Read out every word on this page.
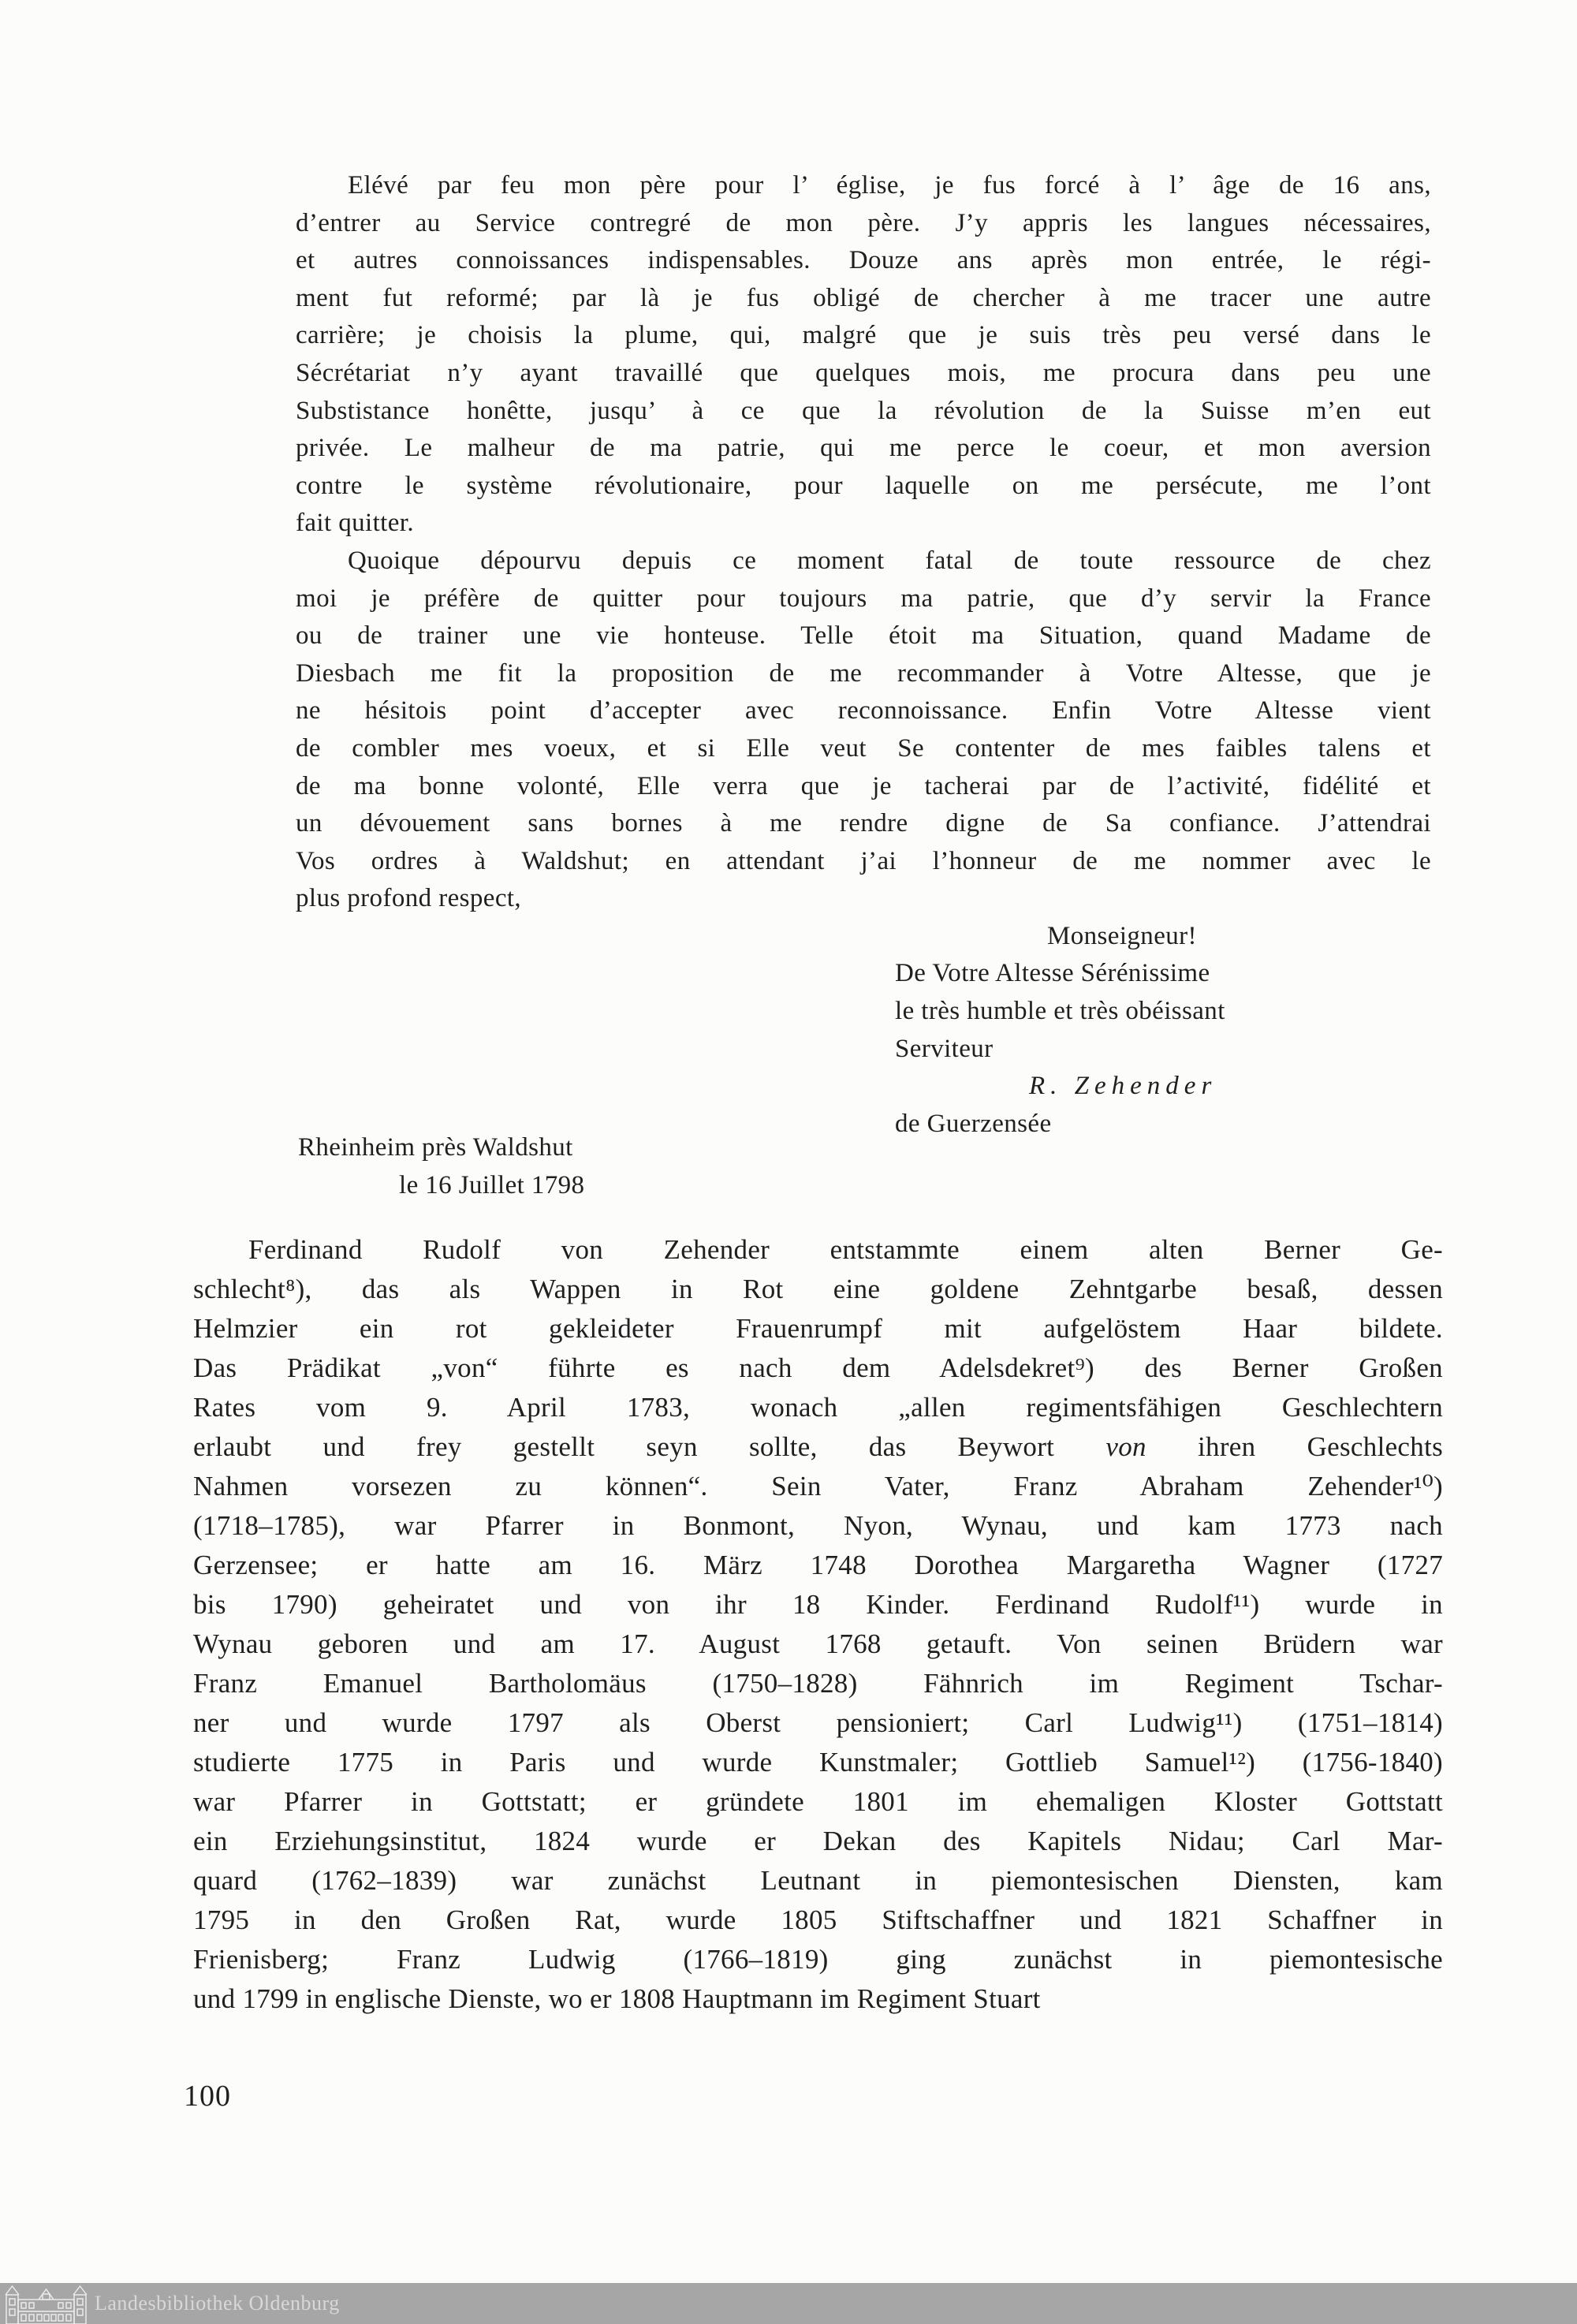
Elévé par feu mon père pour l’ église, je fus forcé à l’ âge de 16 ans,
d’entrer au Service contregré de mon père. J’y appris les langues nécessaires,
et autres connoissances indispensables. Douze ans après mon entrée, le régi-
ment fut reformé; par là je fus obligé de chercher à me tracer une autre
carrière; je choisis la plume, qui, malgré que je suis très peu versé dans le
Sécrétariat n’y ayant travaillé que quelques mois, me procura dans peu une
Substistance honêtte, jusqu’ à ce que la révolution de la Suisse m’en eut
privée. Le malheur de ma patrie, qui me perce le coeur, et mon aversion
contre le système révolutionaire, pour laquelle on me persécute, me l’ont
fait quitter.
Quoique dépourvu depuis ce moment fatal de toute ressource de chez
moi je préfère de quitter pour toujours ma patrie, que d’y servir la France
ou de trainer une vie honteuse. Telle étoit ma Situation, quand Madame de
Diesbach me fit la proposition de me recommander à Votre Altesse, que je
ne hésitois point d’accepter avec reconnoissance. Enfin Votre Altesse vient
de combler mes voeux, et si Elle veut Se contenter de mes faibles talens et
de ma bonne volonté, Elle verra que je tacherai par de l’activité, fidélité et
un dévouement sans bornes à me rendre digne de Sa confiance. J’attendrai
Vos ordres à Waldshut; en attendant j’ai l’honneur de me nommer avec le
plus profond respect,
Monseigneur!
De Votre Altesse Sérénissime
le très humble et très obéissant
Serviteur
R. Zehender
de Guerzensée
Rheinheim près Waldshut
le 16 Juillet 1798
Ferdinand Rudolf von Zehender entstammte einem alten Berner Ge-
schlecht⁸), das als Wappen in Rot eine goldene Zehntgarbe besaß, dessen
Helmzier ein rot gekleideter Frauenrumpf mit aufgelöstem Haar bildete.
Das Prädikat „von“ führte es nach dem Adelsdekret⁹) des Berner Großen
Rates vom 9. April 1783, wonach „allen regimentsfähigen Geschlechtern
erlaubt und frey gestellt seyn sollte, das Beywort von ihren Geschlechts
Nahmen vorsezen zu können“. Sein Vater, Franz Abraham Zehender¹⁰)
(1718–1785), war Pfarrer in Bonmont, Nyon, Wynau, und kam 1773 nach
Gerzensee; er hatte am 16. März 1748 Dorothea Margaretha Wagner (1727
bis 1790) geheiratet und von ihr 18 Kinder. Ferdinand Rudolf¹¹) wurde in
Wynau geboren und am 17. August 1768 getauft. Von seinen Brüdern war
Franz Emanuel Bartholomäus (1750–1828) Fähnrich im Regiment Tschar-
ner und wurde 1797 als Oberst pensioniert; Carl Ludwig¹¹) (1751–1814)
studierte 1775 in Paris und wurde Kunstmaler; Gottlieb Samuel¹²) (1756-1840)
war Pfarrer in Gottstatt; er gründete 1801 im ehemaligen Kloster Gottstatt
ein Erziehungsinstitut, 1824 wurde er Dekan des Kapitels Nidau; Carl Mar-
quard (1762–1839) war zunächst Leutnant in piemontesischen Diensten, kam
1795 in den Großen Rat, wurde 1805 Stiftschaffner und 1821 Schaffner in
Frienisberg; Franz Ludwig (1766–1819) ging zunächst in piemontesische
und 1799 in englische Dienste, wo er 1808 Hauptmann im Regiment Stuart
100
Landesbibliothek Oldenburg
